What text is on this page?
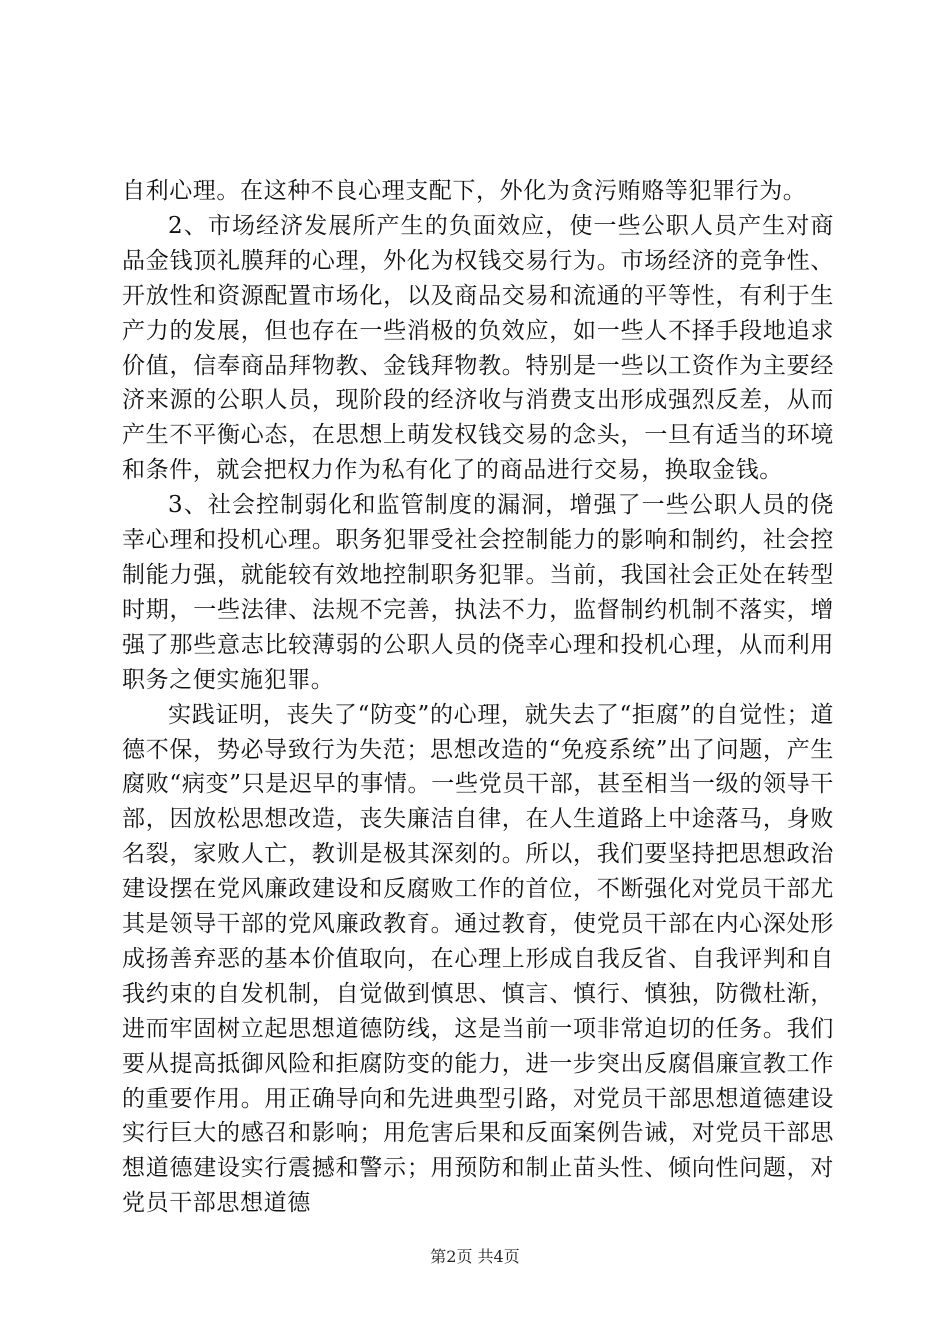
自利心理。在这种不良心理支配下，外化为贪污贿赂等犯罪行为。

2、市场经济发展所产生的负面效应，使一些公职人员产生对商品金钱顶礼膜拜的心理，外化为权钱交易行为。市场经济的竞争性、开放性和资源配置市场化，以及商品交易和流通的平等性，有利于生产力的发展，但也存在一些消极的负效应，如一些人不择手段地追求价值，信奉商品拜物教、金钱拜物教。特别是一些以工资作为主要经济来源的公职人员，现阶段的经济收与消费支出形成强烈反差，从而产生不平衡心态，在思想上萌发权钱交易的念头，一旦有适当的环境和条件，就会把权力作为私有化了的商品进行交易，换取金钱。

3、社会控制弱化和监管制度的漏洞，增强了一些公职人员的侥幸心理和投机心理。职务犯罪受社会控制能力的影响和制约，社会控制能力强，就能较有效地控制职务犯罪。当前，我国社会正处在转型时期，一些法律、法规不完善，执法不力，监督制约机制不落实，增强了那些意志比较薄弱的公职人员的侥幸心理和投机心理，从而利用职务之便实施犯罪。

实践证明，丧失了“防变”的心理，就失去了“拒腐”的自觉性；道德不保，势必导致行为失范；思想改造的“免疫系统”出了问题，产生腐败“病变”只是迟早的事情。一些党员干部，甚至相当一级的领导干部，因放松思想改造，丧失廉洁自律，在人生道路上中途落马，身败名裂，家败人亡，教训是极其深刻的。所以，我们要坚持把思想政治建设摆在党风廉政建设和反腐败工作的首位，不断强化对党员干部尤其是领导干部的党风廉政教育。通过教育，使党员干部在内心深处形成扬善弃恶的基本价值取向，在心理上形成自我反省、自我评判和自我约束的自发机制，自觉做到慎思、慎言、慎行、慎独，防微杜渐，进而牢固树立起思想道德防线，这是当前一项非常迫切的任务。我们要从提高抵御风险和拒腐防变的能力，进一步突出反腐倡廉宣教工作的重要作用。用正确导向和先进典型引路，对党员干部思想道德建设实行巨大的感召和影响；用危害后果和反面案例告诫，对党员干部思想道德建设实行震撼和警示；用预防和制止苗头性、倾向性问题，对党员干部思想道德

第2页 共4页
